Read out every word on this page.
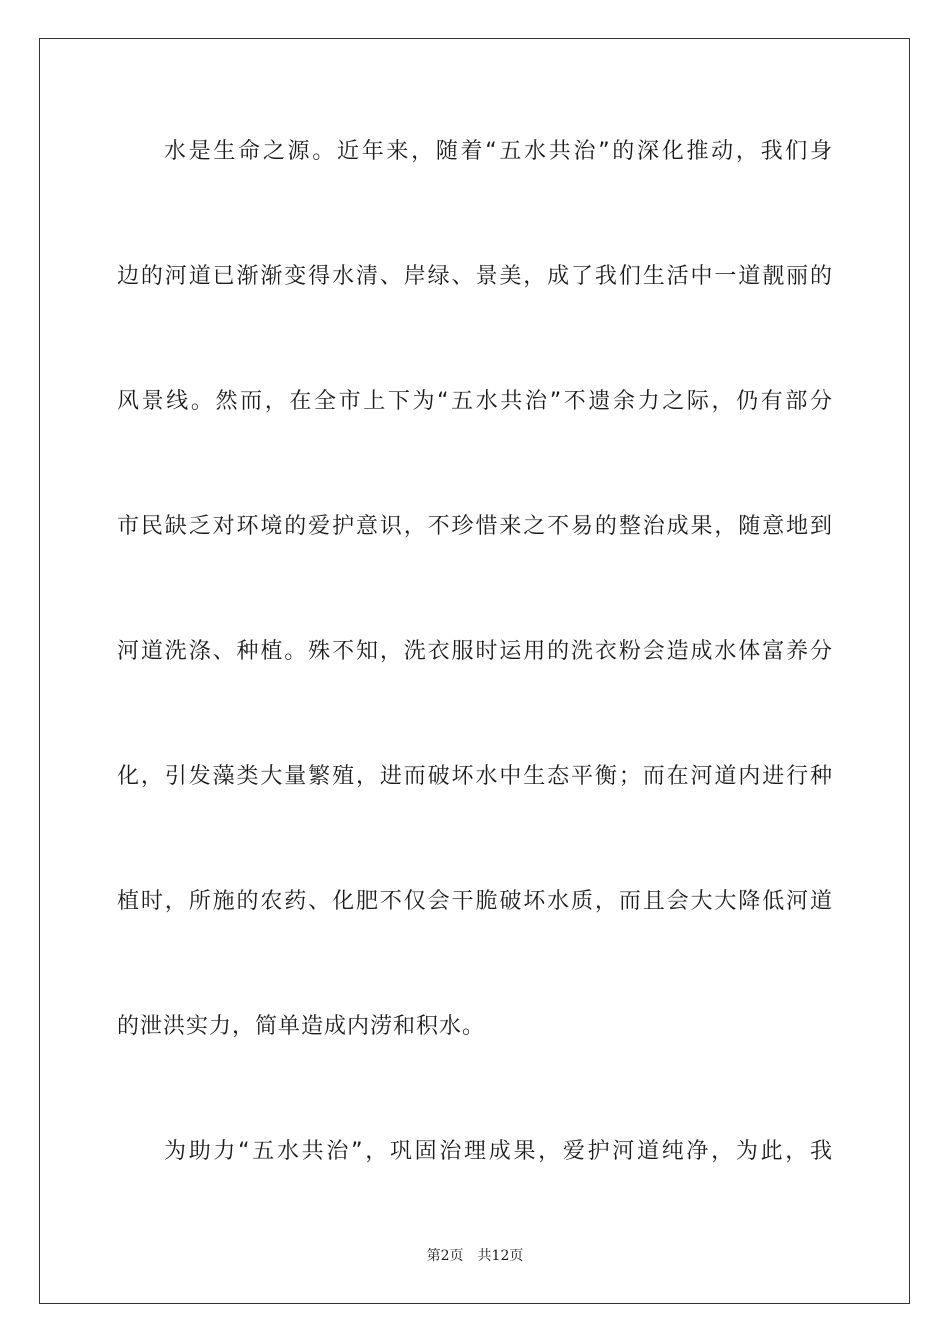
水是生命之源。近年来，随着“五水共治”的深化推动，我们身
边的河道已渐渐变得水清、岸绿、景美，成了我们生活中一道靓丽的
风景线。然而，在全市上下为“五水共治”不遗余力之际，仍有部分
市民缺乏对环境的爱护意识，不珍惜来之不易的整治成果，随意地到
河道洗涤、种植。殊不知，洗衣服时运用的洗衣粉会造成水体富养分
化，引发藻类大量繁殖，进而破坏水中生态平衡；而在河道内进行种
植时，所施的农药、化肥不仅会干脆破坏水质，而且会大大降低河道
的泄洪实力，简单造成内涝和积水。
为助力“五水共治”，巩固治理成果，爱护河道纯净，为此，我
第2页 共12页
